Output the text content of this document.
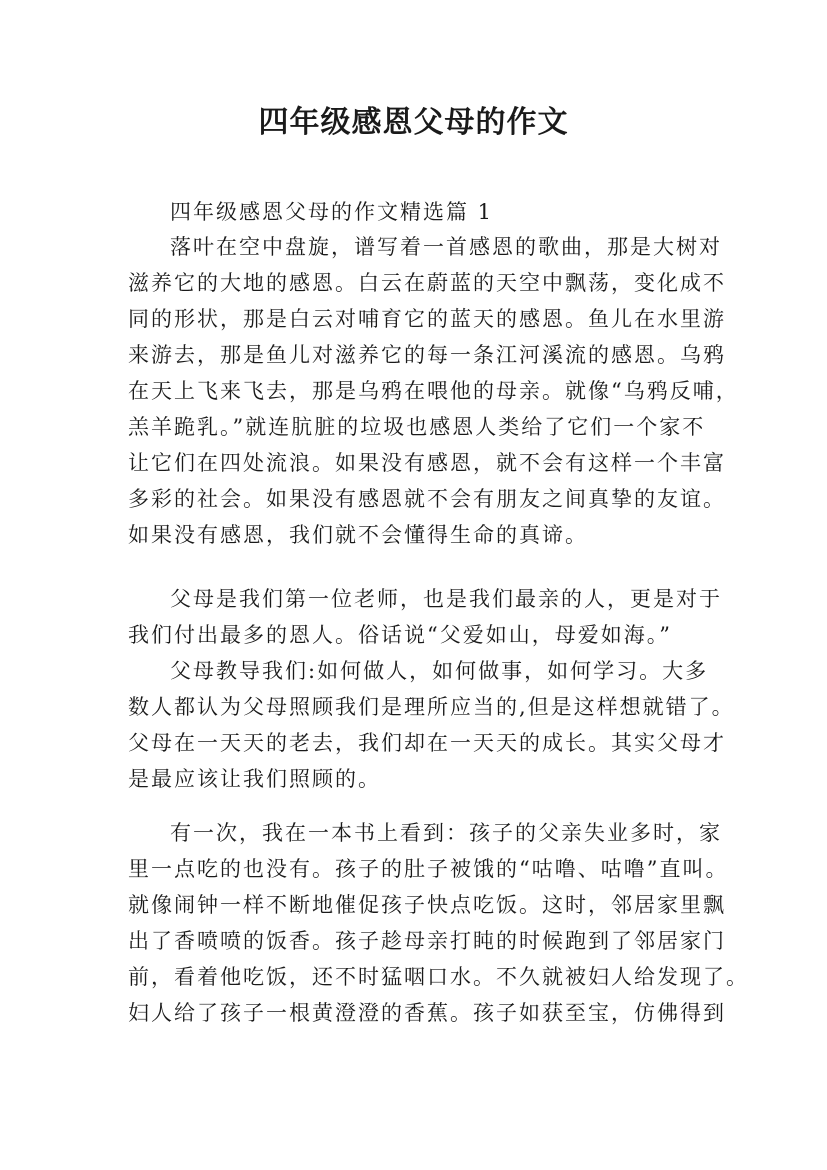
四年级感恩父母的作文

四年级感恩父母的作文精选篇 1

落叶在空中盘旋，谱写着一首感恩的歌曲，那是大树对

滋养它的大地的感恩。白云在蔚蓝的天空中飘荡，变化成不

同的形状，那是白云对哺育它的蓝天的感恩。鱼儿在水里游

来游去，那是鱼儿对滋养它的每一条江河溪流的感恩。乌鸦

在天上飞来飞去，那是乌鸦在喂他的母亲。就像“乌鸦反哺，

羔羊跪乳。”就连肮脏的垃圾也感恩人类给了它们一个家不

让它们在四处流浪。如果没有感恩，就不会有这样一个丰富

多彩的社会。如果没有感恩就不会有朋友之间真挚的友谊。

如果没有感恩，我们就不会懂得生命的真谛。

父母是我们第一位老师，也是我们最亲的人，更是对于

我们付出最多的恩人。俗话说“父爱如山，母爱如海。”

父母教导我们:如何做人，如何做事，如何学习。大多

数人都认为父母照顾我们是理所应当的,但是这样想就错了。

父母在一天天的老去，我们却在一天天的成长。其实父母才

是最应该让我们照顾的。

有一次，我在一本书上看到：孩子的父亲失业多时，家

里一点吃的也没有。孩子的肚子被饿的“咕噜、咕噜”直叫。

就像闹钟一样不断地催促孩子快点吃饭。这时，邻居家里飘

出了香喷喷的饭香。孩子趁母亲打盹的时候跑到了邻居家门

前，看着他吃饭，还不时猛咽口水。不久就被妇人给发现了。

妇人给了孩子一根黄澄澄的香蕉。孩子如获至宝，仿佛得到
